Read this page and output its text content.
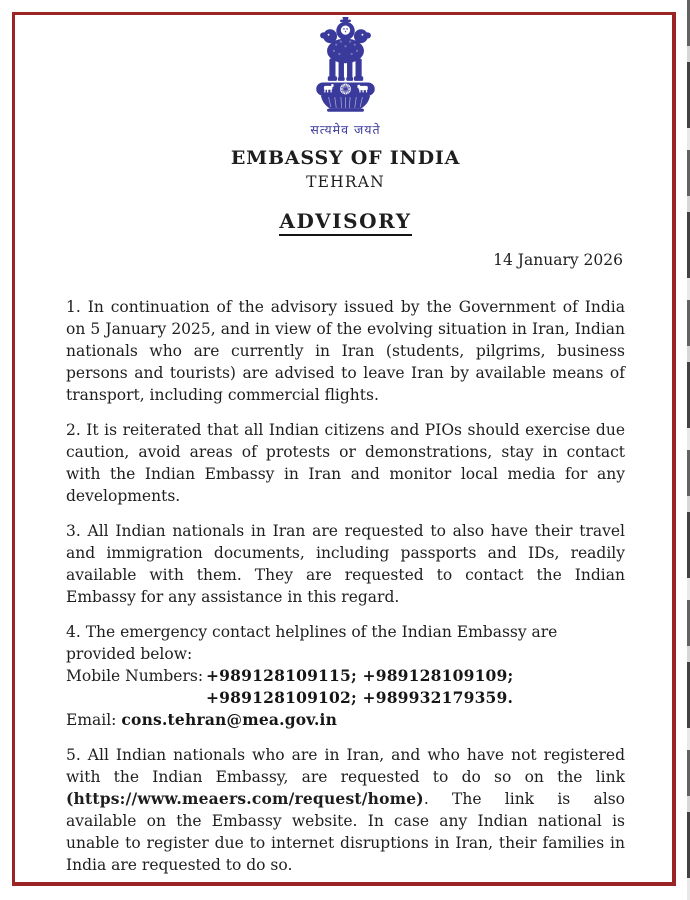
सत्यमेव जयते
EMBASSY OF INDIA
TEHRAN
ADVISORY
14 January 2026

1. In continuation of the advisory issued by the Government of India on 5 January 2025, and in view of the evolving situation in Iran, Indian nationals who are currently in Iran (students, pilgrims, business persons and tourists) are advised to leave Iran by available means of transport, including commercial flights.

2. It is reiterated that all Indian citizens and PIOs should exercise due caution, avoid areas of protests or demonstrations, stay in contact with the Indian Embassy in Iran and monitor local media for any developments.

3. All Indian nationals in Iran are requested to also have their travel and immigration documents, including passports and IDs, readily available with them. They are requested to contact the Indian Embassy for any assistance in this regard.

4. The emergency contact helplines of the Indian Embassy are provided below:
Mobile Numbers: +989128109115; +989128109109;
+989128109102; +989932179359.
Email: cons.tehran@mea.gov.in

5. All Indian nationals who are in Iran, and who have not registered with the Indian Embassy, are requested to do so on the link (https://www.meaers.com/request/home). The link is also available on the Embassy website. In case any Indian national is unable to register due to internet disruptions in Iran, their families in India are requested to do so.
